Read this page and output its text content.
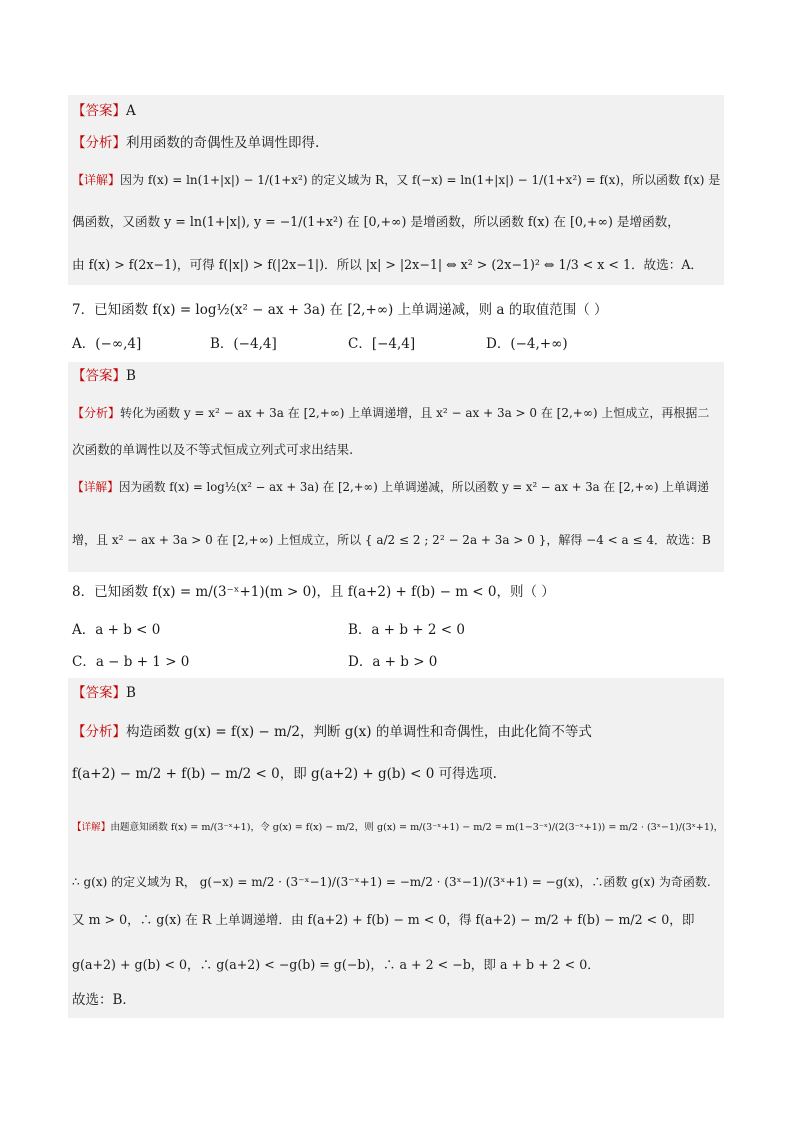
【答案】A
【分析】利用函数的奇偶性及单调性即得.
【详解】因为 f(x) = ln(1+|x|) − 1/(1+x²) 的定义域为 R，又 f(−x) = ln(1+|x|) − 1/(1+x²) = f(x)，所以函数 f(x) 是
偶函数，又函数 y = ln(1+|x|), y = −1/(1+x²) 在 [0,+∞) 是增函数，所以函数 f(x) 在 [0,+∞) 是增函数，
由 f(x) > f(2x−1)，可得 f(|x|) > f(|2x−1|)．所以 |x| > |2x−1| ⇔ x² > (2x−1)² ⇔ 1/3 < x < 1．故选：A．
7．已知函数 f(x) = log½(x² − ax + 3a) 在 [2,+∞) 上单调递减，则 a 的取值范围（ ）
A．(−∞,4]	B．(−4,4]	C．[−4,4]	D．(−4,+∞)
【答案】B
【分析】转化为函数 y = x² − ax + 3a 在 [2,+∞) 上单调递增，且 x² − ax + 3a > 0 在 [2,+∞) 上恒成立，再根据二
次函数的单调性以及不等式恒成立列式可求出结果.
【详解】因为函数 f(x) = log½(x² − ax + 3a) 在 [2,+∞) 上单调递减，所以函数 y = x² − ax + 3a 在 [2,+∞) 上单调递
增，且 x² − ax + 3a > 0 在 [2,+∞) 上恒成立，所以 { a/2 ≤ 2 ; 2² − 2a + 3a > 0 }，解得 −4 < a ≤ 4．故选：B
8．已知函数 f(x) = m/(3⁻ˣ+1)(m > 0)，且 f(a+2) + f(b) − m < 0，则（ ）
A．a + b < 0	B．a + b + 2 < 0
C．a − b + 1 > 0	D．a + b > 0
【答案】B
【分析】构造函数 g(x) = f(x) − m/2，判断 g(x) 的单调性和奇偶性，由此化简不等式
f(a+2) − m/2 + f(b) − m/2 < 0，即 g(a+2) + g(b) < 0 可得选项.
【详解】由题意知函数 f(x) = m/(3⁻ˣ+1)，令 g(x) = f(x) − m/2，则 g(x) = m/(3⁻ˣ+1) − m/2 = m(1−3⁻ˣ)/(2(3⁻ˣ+1)) = m/2 · (3ˣ−1)/(3ˣ+1)，
∴ g(x) 的定义域为 R， g(−x) = m/2 · (3⁻ˣ−1)/(3⁻ˣ+1) = −m/2 · (3ˣ−1)/(3ˣ+1) = −g(x)，∴函数 g(x) 为奇函数.
又 m > 0，∴ g(x) 在 R 上单调递增．由 f(a+2) + f(b) − m < 0，得 f(a+2) − m/2 + f(b) − m/2 < 0，即
g(a+2) + g(b) < 0，∴ g(a+2) < −g(b) = g(−b)，∴ a + 2 < −b，即 a + b + 2 < 0．
故选：B．
